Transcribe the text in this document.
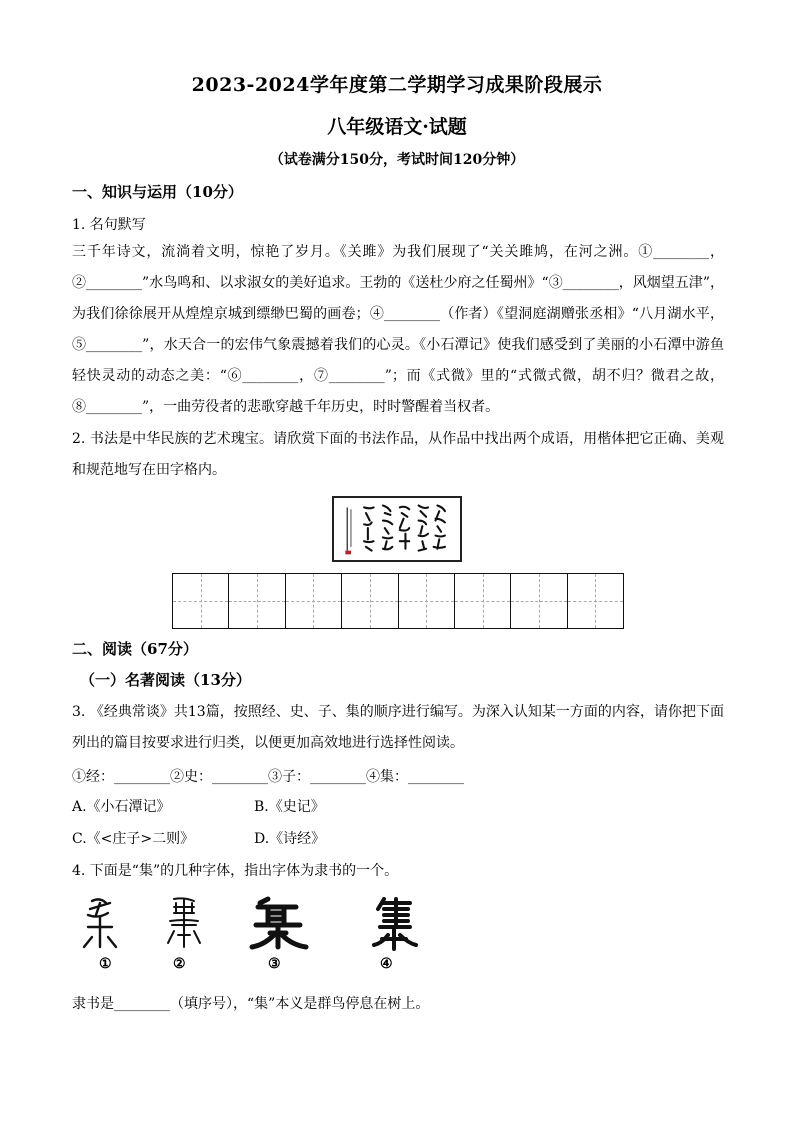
2023-2024学年度第二学期学习成果阶段展示
八年级语文·试题
（试卷满分150分，考试时间120分钟）
一、知识与运用（10分）
1. 名句默写
三千年诗文，流淌着文明，惊艳了岁月。《关雎》为我们展现了“关关雎鸠，在河之洲。①________，②________”水鸟鸣和、以求淑女的美好追求。王勃的《送杜少府之任蜀州》“③________，风烟望五津”，为我们徐徐展开从煌煌京城到缥缈巴蜀的画卷；④________（作者）《望洞庭湖赠张丞相》“八月湖水平，⑤________”，水天合一的宏伟气象震撼着我们的心灵。《小石潭记》使我们感受到了美丽的小石潭中游鱼轻快灵动的动态之美：“⑥________，⑦________”；而《式微》里的“式微式微，胡不归？微君之故，⑧________”，一曲劳役者的悲歌穿越千年历史，时时警醒着当权者。
2. 书法是中华民族的艺术瑰宝。请欣赏下面的书法作品，从作品中找出两个成语，用楷体把它正确、美观和规范地写在田字格内。
二、阅读（67分）
（一）名著阅读（13分）
3. 《经典常谈》共13篇，按照经、史、子、集的顺序进行编写。为深入认知某一方面的内容，请你把下面列出的篇目按要求进行归类，以便更加高效地进行选择性阅读。
①经：________②史：________③子：________④集：________
A.《小石潭记》	B.《史记》
C.《<庄子>二则》	D.《诗经》
4. 下面是“集”的几种字体，指出字体为隶书的一个。
①	②	③	④
隶书是________（填序号），“集”本义是群鸟停息在树上。
